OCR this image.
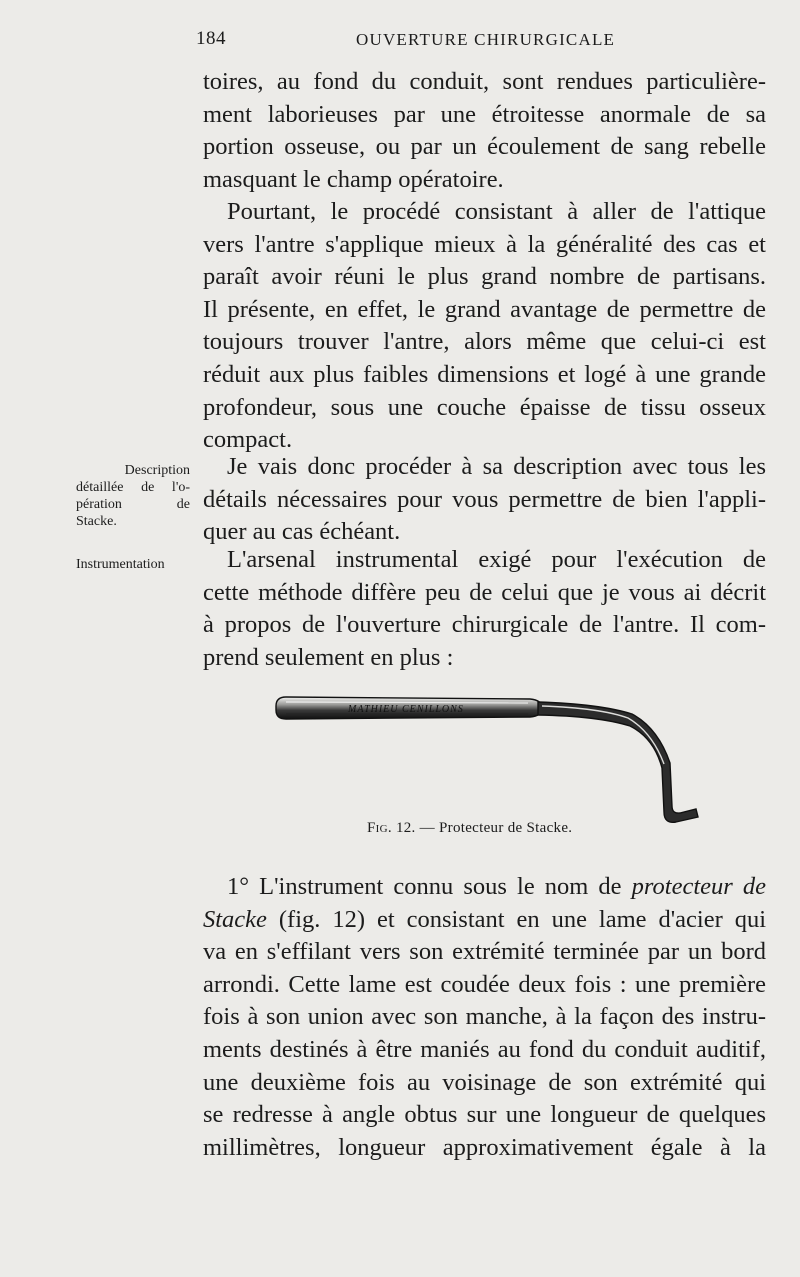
184	OUVERTURE CHIRURGICALE
toires, au fond du conduit, sont rendues particulière-
ment laborieuses par une étroitesse anormale de sa
portion osseuse, ou par un écoulement de sang rebelle
masquant le champ opératoire.
Pourtant, le procédé consistant à aller de l'attique
vers l'antre s'applique mieux à la généralité des cas et
paraît avoir réuni le plus grand nombre de partisans.
Il présente, en effet, le grand avantage de permettre de
toujours trouver l'antre, alors même que celui-ci est
réduit aux plus faibles dimensions et logé à une grande
profondeur, sous une couche épaisse de tissu osseux
compact.
Description
détaillée de l'o-
pération de
Stacke.
Je vais donc procéder à sa description avec tous les
détails nécessaires pour vous permettre de bien l'appli-
quer au cas échéant.
Instrumentation	L'arsenal instrumental exigé pour l'exécution de
cette méthode diffère peu de celui que je vous ai décrit
à propos de l'ouverture chirurgicale de l'antre. Il com-
prend seulement en plus :
MATHIEU CENILLONS
Fig. 12. — Protecteur de Stacke.
1° L'instrument connu sous le nom de protecteur de
Stacke (fig. 12) et consistant en une lame d'acier qui
va en s'effilant vers son extrémité terminée par un bord
arrondi. Cette lame est coudée deux fois : une première
fois à son union avec son manche, à la façon des instru-
ments destinés à être maniés au fond du conduit auditif,
une deuxième fois au voisinage de son extrémité qui
se redresse à angle obtus sur une longueur de quelques
millimètres, longueur approximativement égale à la
